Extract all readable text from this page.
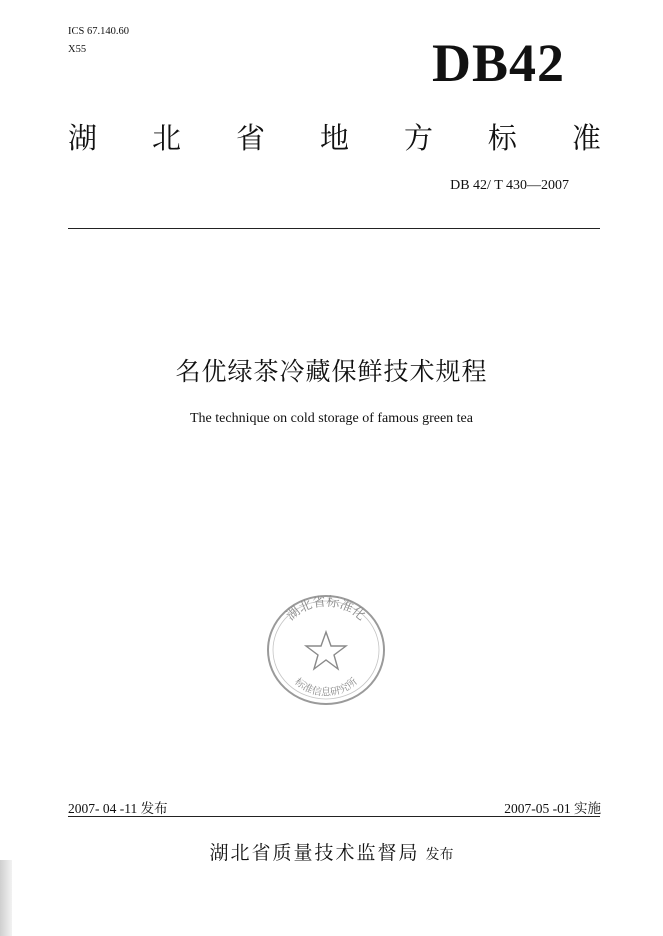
ICS 67.140.60
X55	DB42
湖 北 省 地 方 标 准
DB 42/ T 430—2007
名优绿茶冷藏保鲜技术规程
The technique on cold storage of famous green tea
湖北省标准化
标准信息研究所
2007- 04 -11 发布	2007-05 -01 实施
湖北省质量技术监督局 发布
